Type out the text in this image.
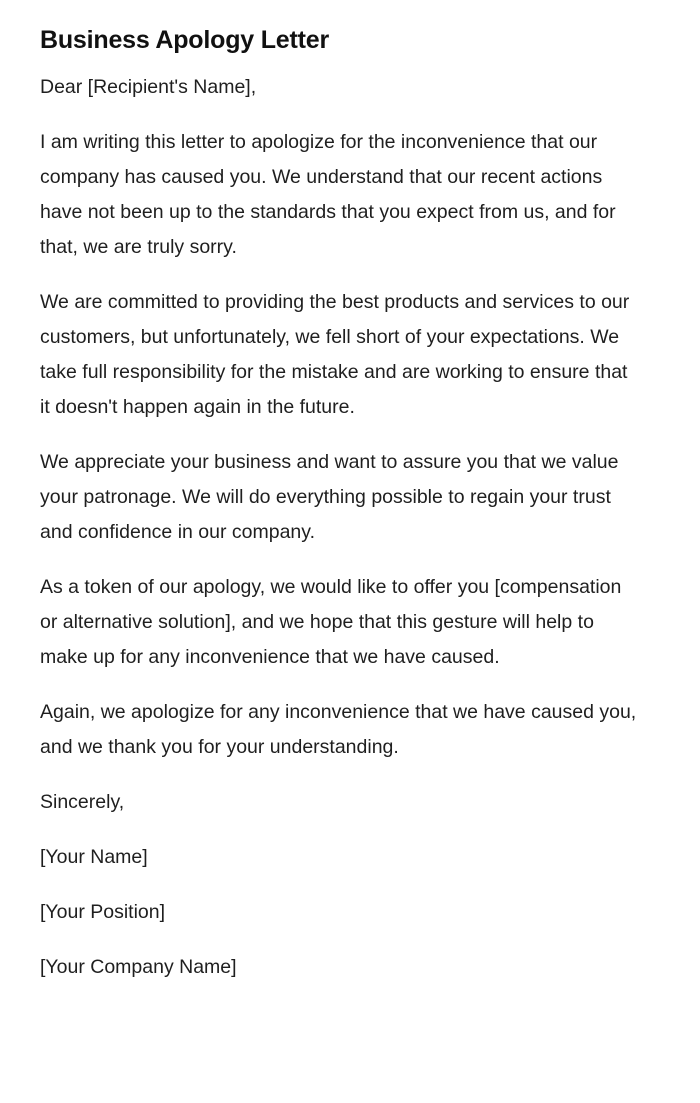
Business Apology Letter

Dear [Recipient's Name],

I am writing this letter to apologize for the inconvenience that our company has caused you. We understand that our recent actions have not been up to the standards that you expect from us, and for that, we are truly sorry.

We are committed to providing the best products and services to our customers, but unfortunately, we fell short of your expectations. We take full responsibility for the mistake and are working to ensure that it doesn't happen again in the future.

We appreciate your business and want to assure you that we value your patronage. We will do everything possible to regain your trust and confidence in our company.

As a token of our apology, we would like to offer you [compensation or alternative solution], and we hope that this gesture will help to make up for any inconvenience that we have caused.

Again, we apologize for any inconvenience that we have caused you, and we thank you for your understanding.

Sincerely,

[Your Name]

[Your Position]

[Your Company Name]
